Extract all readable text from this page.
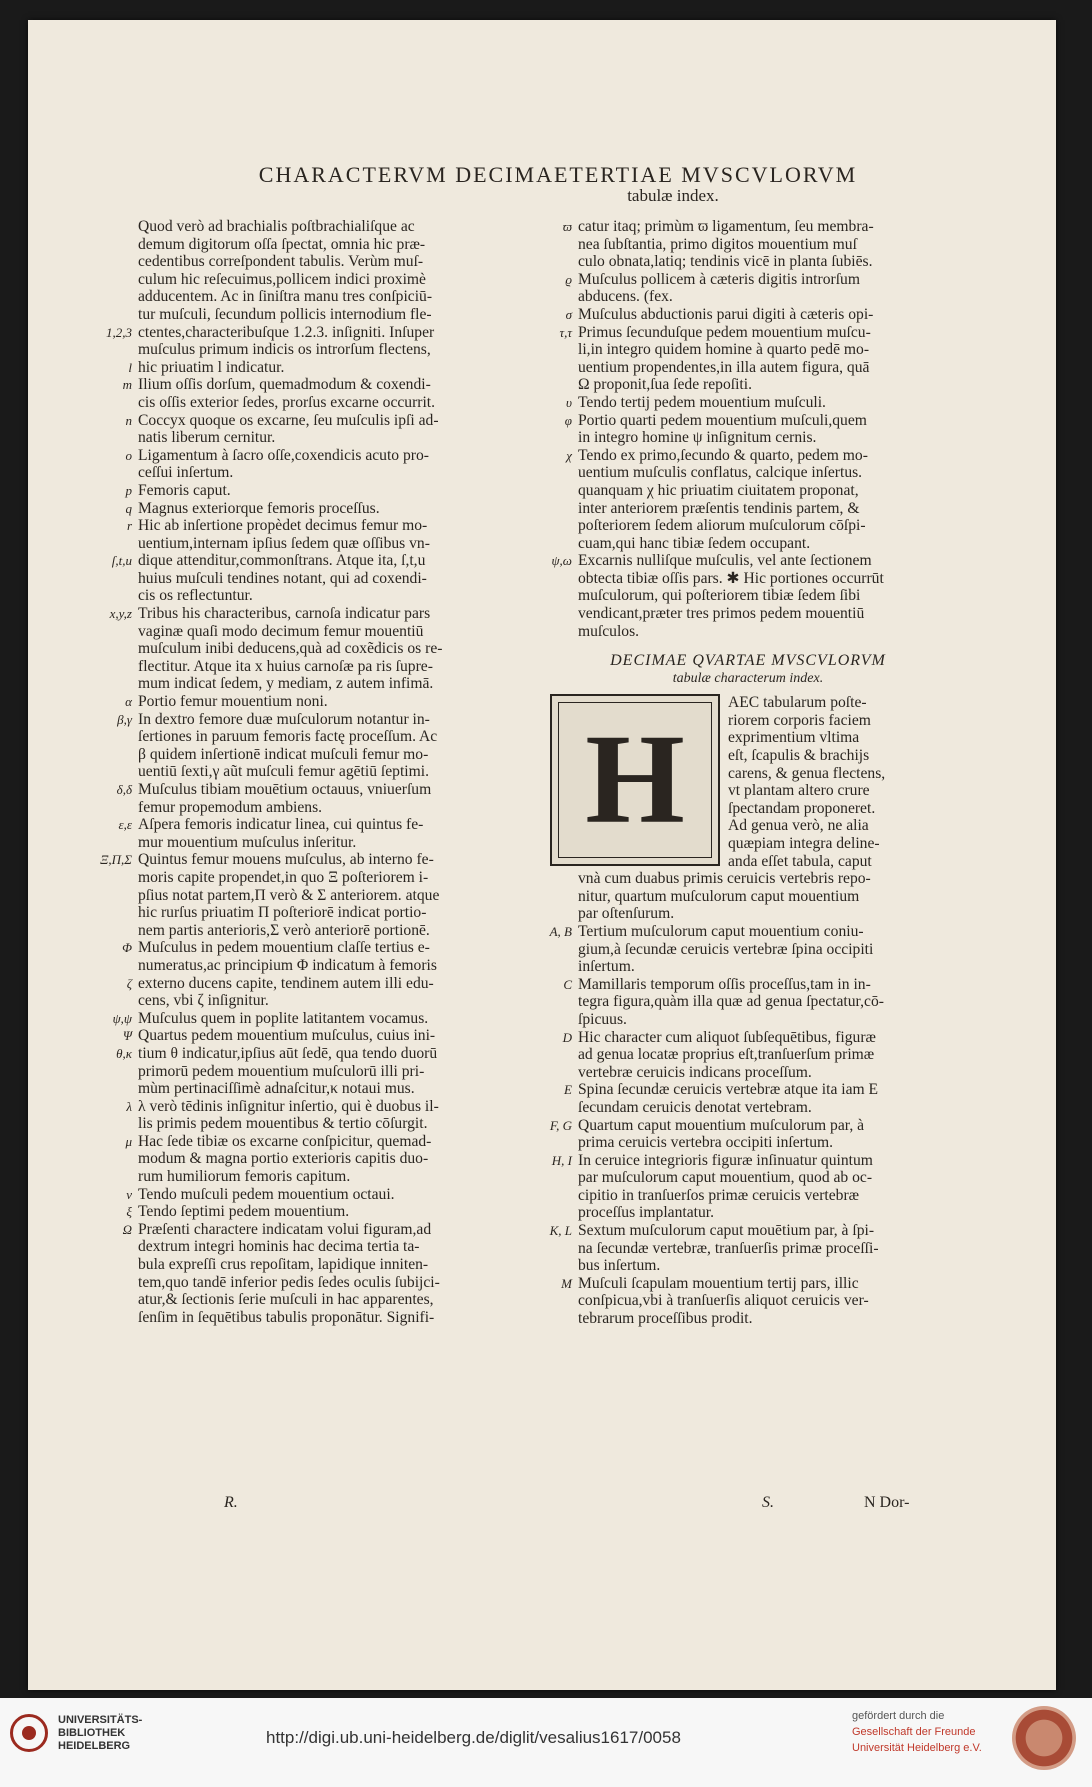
CHARACTERVM DECIMAETERTIAE MVSCVLORVM
tabulæ index.
Quod verò ad brachialis poſtbrachialiſque ac
demum digitorum oſſa ſpectat, omnia hic præ-
cedentibus correſpondent tabulis. Verùm muſ-
culum hic reſecuimus,pollicem indici proximè
adducentem. Ac in ſiniſtra manu tres conſpiciū-
tur muſculi, ſecundum pollicis internodium fle-
1,2,3 ctentes,characteribuſque 1.2.3. inſigniti. Inſuper
muſculus primum indicis os introrſum flectens,
l hic priuatim l indicatur.
m Ilium oſſis dorſum, quemadmodum & coxendi-
cis oſſis exterior ſedes, prorſus excarne occurrit.
n Coccyx quoque os excarne, ſeu muſculis ipſi ad-
natis liberum cernitur.
o Ligamentum à ſacro oſſe,coxendicis acuto pro-
ceſſui inſertum.
p Femoris caput.
q Magnus exteriorque femoris proceſſus.
r Hic ab inſertione propèdet decimus femur mo-
uentium,internam ipſius ſedem quæ oſſibus vn-
ſ,t,u dique attenditur,commonſtrans. Atque ita, ſ,t,u
huius muſculi tendines notant, qui ad coxendi-
cis os reflectuntur.
x,y,z Tribus his characteribus, carnoſa indicatur pars
vaginæ quaſi modo decimum femur mouentiū
muſculum inibi deducens,quà ad coxẽdicis os re-
flectitur. Atque ita x huius carnoſæ pa ris ſupre-
mum indicat ſedem, y mediam, z autem infimā.
α Portio femur mouentium noni.
β,γ In dextro femore duæ muſculorum notantur in-
ſertiones in paruum femoris factę proceſſum. Ac
β quidem inſertionē indicat muſculi femur mo-
uentiū ſexti,γ aũt muſculi femur agētiū ſeptimi.
δ,δ Muſculus tibiam mouētium octauus, vniuerſum
femur propemodum ambiens.
ε,ε Aſpera femoris indicatur linea, cui quintus fe-
mur mouentium muſculus inſeritur.
Ξ,Π,Σ Quintus femur mouens muſculus, ab interno fe-
moris capite propendet,in quo Ξ poſteriorem i-
pſius notat partem,Π verò & Σ anteriorem. atque
hic rurſus priuatim Π poſteriorē indicat portio-
nem partis anterioris,Σ verò anteriorē portionē.
Φ Muſculus in pedem mouentium claſſe tertius e-
numeratus,ac principium Φ indicatum à femoris
ζ externo ducens capite, tendinem autem illi edu-
cens, vbi ζ inſignitur.
ψ,ψ Muſculus quem in poplite latitantem vocamus.
Ψ Quartus pedem mouentium muſculus, cuius ini-
θ,κ tium θ indicatur,ipſius aūt ſedē, qua tendo duorū
primorū pedem mouentium muſculorū illi pri-
mùm pertinaciſſimè adnaſcitur,κ notaui mus.
λ λ verò tēdinis inſignitur inſertio, qui è duobus il-
lis primis pedem mouentibus & tertio cōſurgit.
μ Hac ſede tibiæ os excarne conſpicitur, quemad-
modum & magna portio exterioris capitis duo-
rum humiliorum femoris capitum.
ν Tendo muſculi pedem mouentium octaui.
ξ Tendo ſeptimi pedem mouentium.
Ω Præſenti charactere indicatam volui figuram,ad
dextrum integri hominis hac decima tertia ta-
bula expreſſi crus repoſitam, lapidique inniten-
tem,quo tandē inferior pedis ſedes oculis ſubijci-
atur,& ſectionis ſerie muſculi in hac apparentes,
ſenſim in ſequētibus tabulis proponātur. Signifi-
ϖ catur itaq; primùm ϖ ligamentum, ſeu membra-
nea ſubſtantia, primo digitos mouentium muſ
culo obnata,latiq; tendinis vicē in planta ſubiēs.
ϱ Muſculus pollicem à cæteris digitis introrſum
abducens. (fex.
σ Muſculus abductionis parui digiti à cæteris opi-
τ,τ Primus ſecunduſque pedem mouentium muſcu-
li,in integro quidem homine à quarto pedē mo-
uentium propendentes,in illa autem figura, quā
Ω proponit,ſua ſede repoſiti.
υ Tendo tertij pedem mouentium muſculi.
φ Portio quarti pedem mouentium muſculi,quem
in integro homine ψ inſignitum cernis.
χ Tendo ex primo,ſecundo & quarto, pedem mo-
uentium muſculis conflatus, calcique inſertus.
quanquam χ hic priuatim ciuitatem proponat,
inter anteriorem præſentis tendinis partem, &
poſteriorem ſedem aliorum muſculorum cōſpi-
cuam,qui hanc tibiæ ſedem occupant.
ψ,ω Excarnis nulliſque muſculis, vel ante ſectionem
obtecta tibiæ oſſis pars. ✱ Hic portiones occurrūt
muſculorum, qui poſteriorem tibiæ ſedem ſibi
vendicant,præter tres primos pedem mouentiū
muſculos.
DECIMAE QVARTAE MVSCVLORVM
tabulæ characterum index.
H
AEC tabularum poſte-
riorem corporis faciem
exprimentium vltima
eſt, ſcapulis & brachijs
carens, & genua flectens,
vt plantam altero crure
ſpectandam proponeret.
Ad genua verò, ne alia
quæpiam integra deline-
anda eſſet tabula, caput
vnà cum duabus primis ceruicis vertebris repo-
nitur, quartum muſculorum caput mouentium
par oſtenſurum.
A, B Tertium muſculorum caput mouentium coniu-
gium,à ſecundæ ceruicis vertebræ ſpina occipiti
inſertum.
C Mamillaris temporum oſſis proceſſus,tam in in-
tegra figura,quàm illa quæ ad genua ſpectatur,cō-
ſpicuus.
D Hic character cum aliquot ſubſequētibus, figuræ
ad genua locatæ proprius eſt,tranſuerſum primæ
vertebræ ceruicis indicans proceſſum.
E Spina ſecundæ ceruicis vertebræ atque ita iam E
ſecundam ceruicis denotat vertebram.
F, G Quartum caput mouentium muſculorum par, à
prima ceruicis vertebra occipiti inſertum.
H, I In ceruice integrioris figuræ inſinuatur quintum
par muſculorum caput mouentium, quod ab oc-
cipitio in tranſuerſos primæ ceruicis vertebræ
proceſſus implantatur.
K, L Sextum muſculorum caput mouētium par, à ſpi-
na ſecundæ vertebræ, tranſuerſis primæ proceſſi-
bus inſertum.
M Muſculi ſcapulam mouentium tertij pars, illic
conſpicua,vbi à tranſuerſis aliquot ceruicis ver-
tebrarum proceſſibus prodit.
R.	S.	N Dor-
UNIVERSITÄTS-
BIBLIOTHEK
HEIDELBERG	http://digi.ub.uni-heidelberg.de/diglit/vesalius1617/0058
gefördert durch die
Gesellschaft der Freunde
Universität Heidelberg e.V.
